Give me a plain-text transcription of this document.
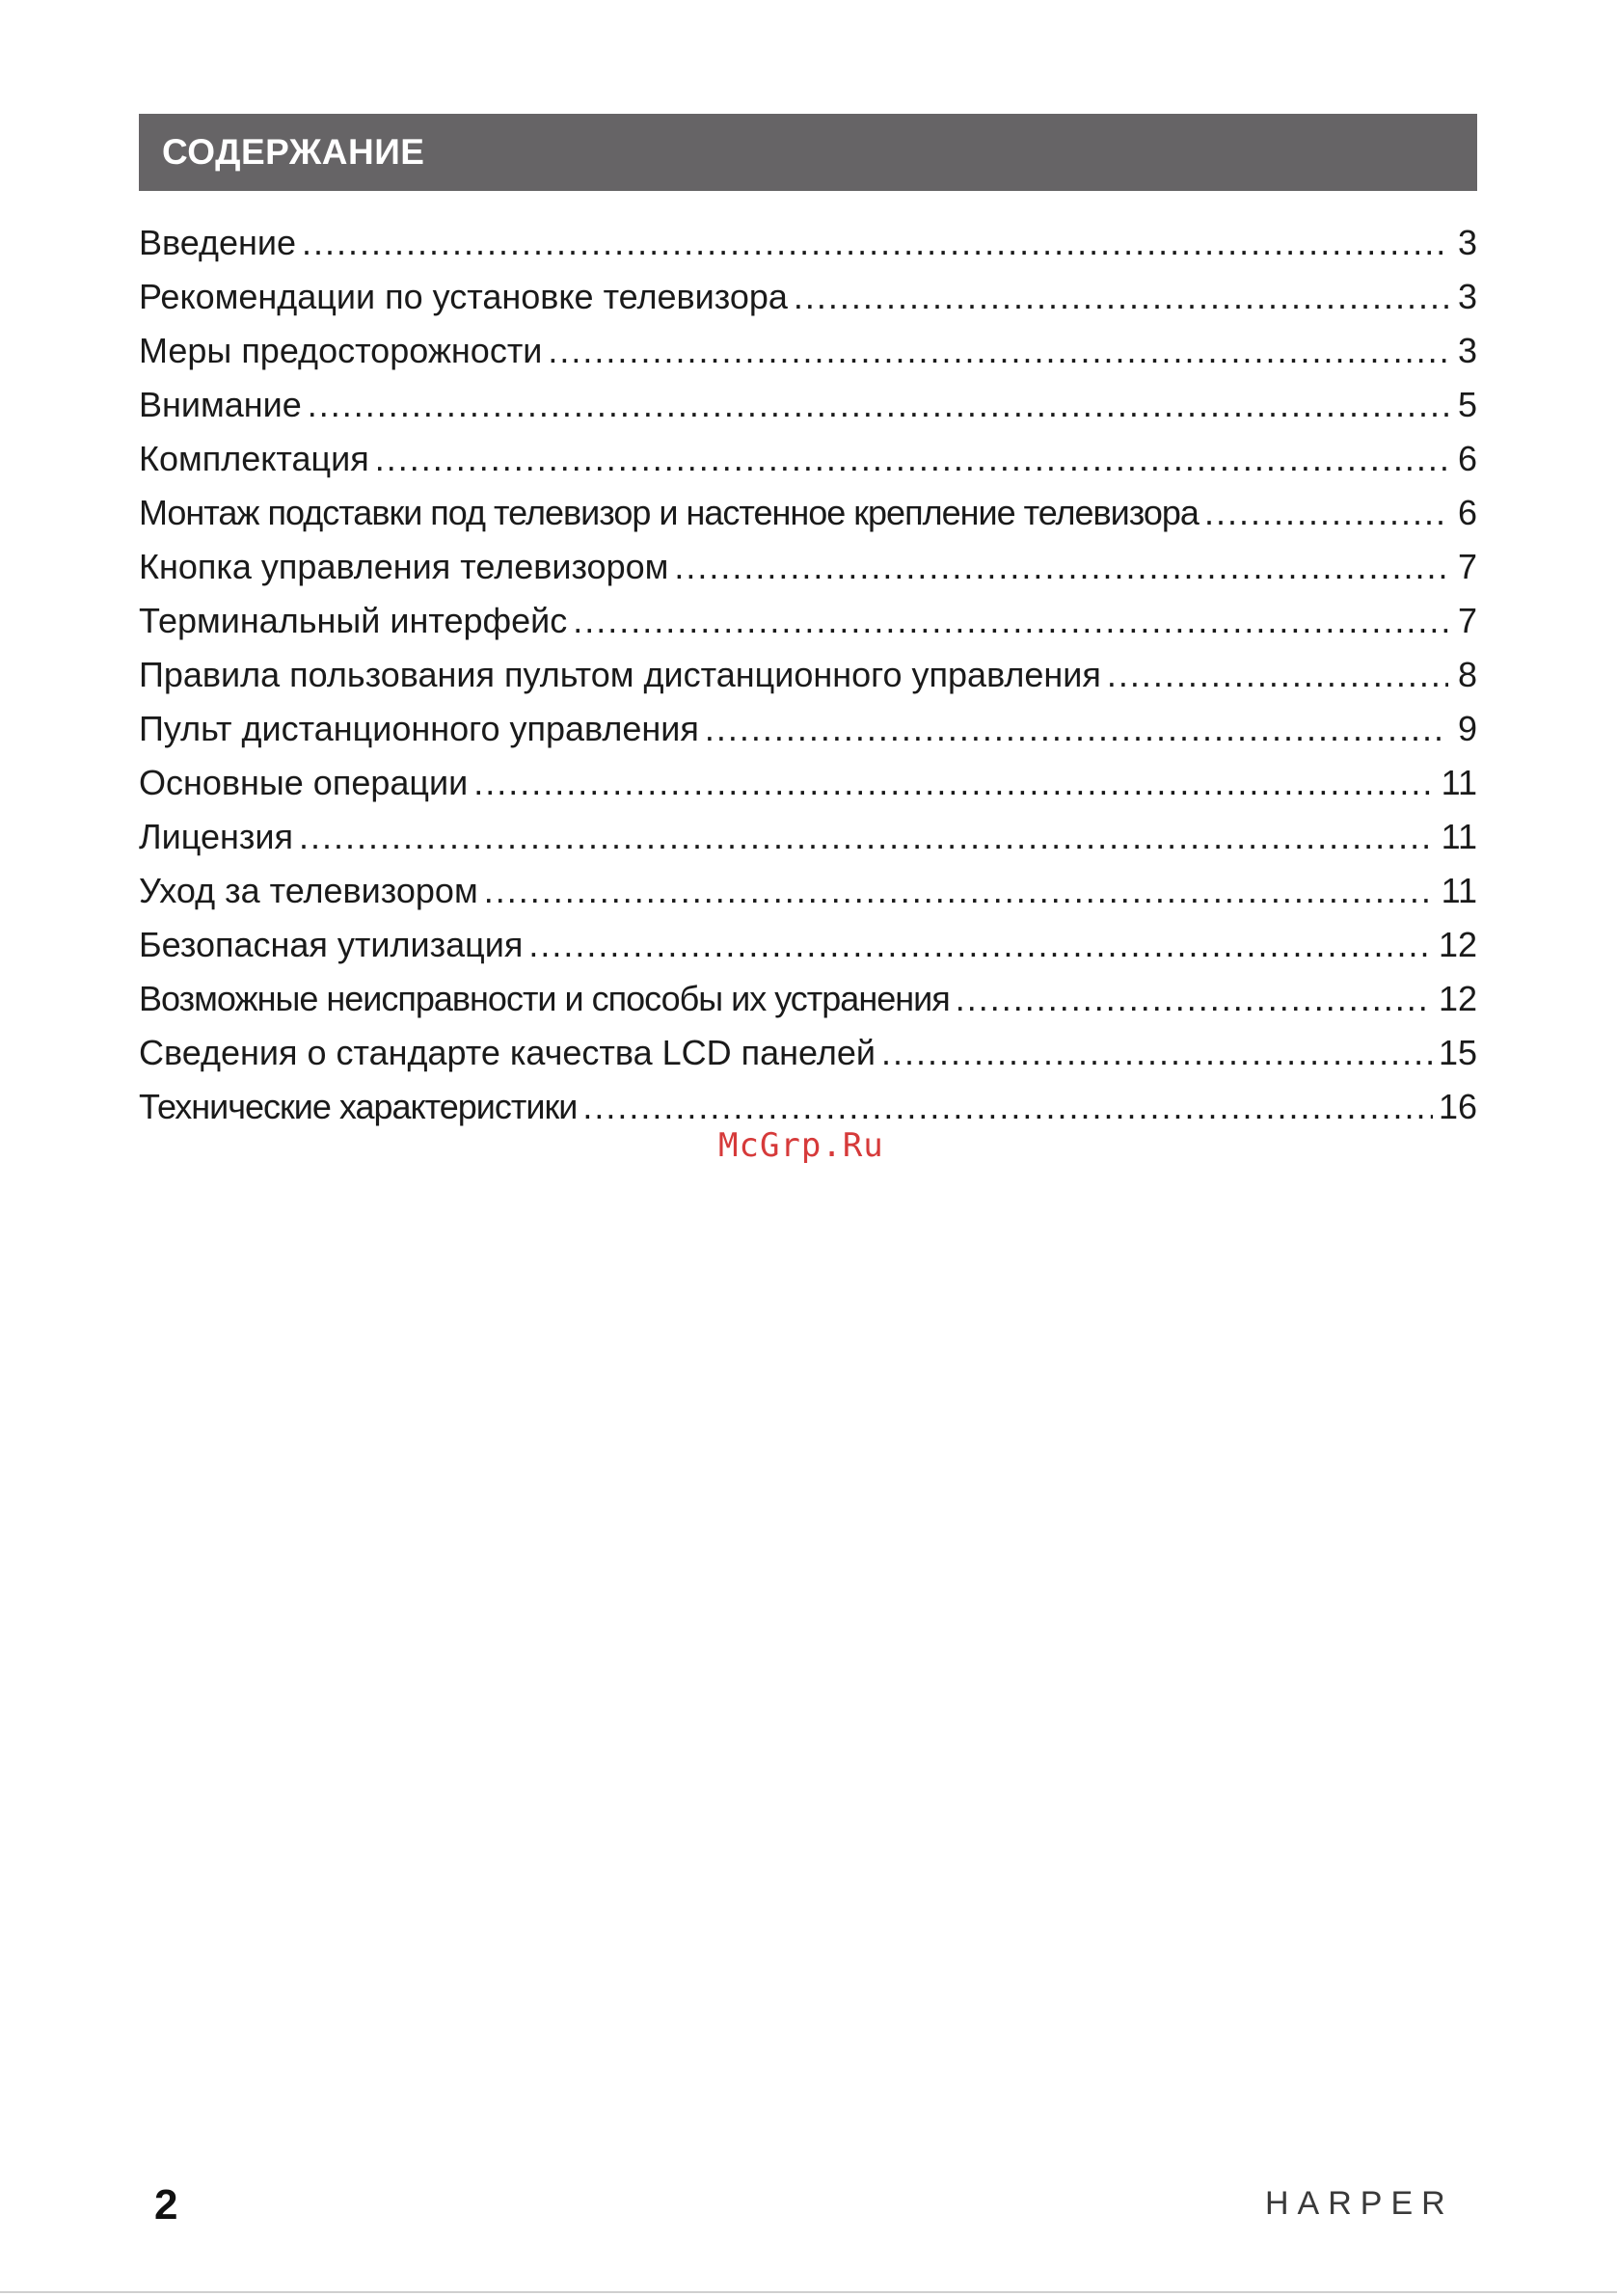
СОДЕРЖАНИЕ
Введение .....	3
Рекомендации по установке телевизора .....	3
Меры предосторожности .....	3
Внимание .....	5
Комплектация .....	6
Монтаж подставки под телевизор и настенное крепление телевизора .....	6
Кнопка управления телевизором .....	7
Терминальный интерфейс .....	7
Правила пользования пультом дистанционного управления .....	8
Пульт дистанционного управления .....	9
Основные операции .....	11
Лицензия .....	11
Уход за телевизором .....	11
Безопасная утилизация .....	12
Возможные неисправности и способы их устранения .....	12
Сведения о стандарте качества LCD панелей .....	15
Технические характеристики .....	16
McGrp.Ru
2	HARPER
